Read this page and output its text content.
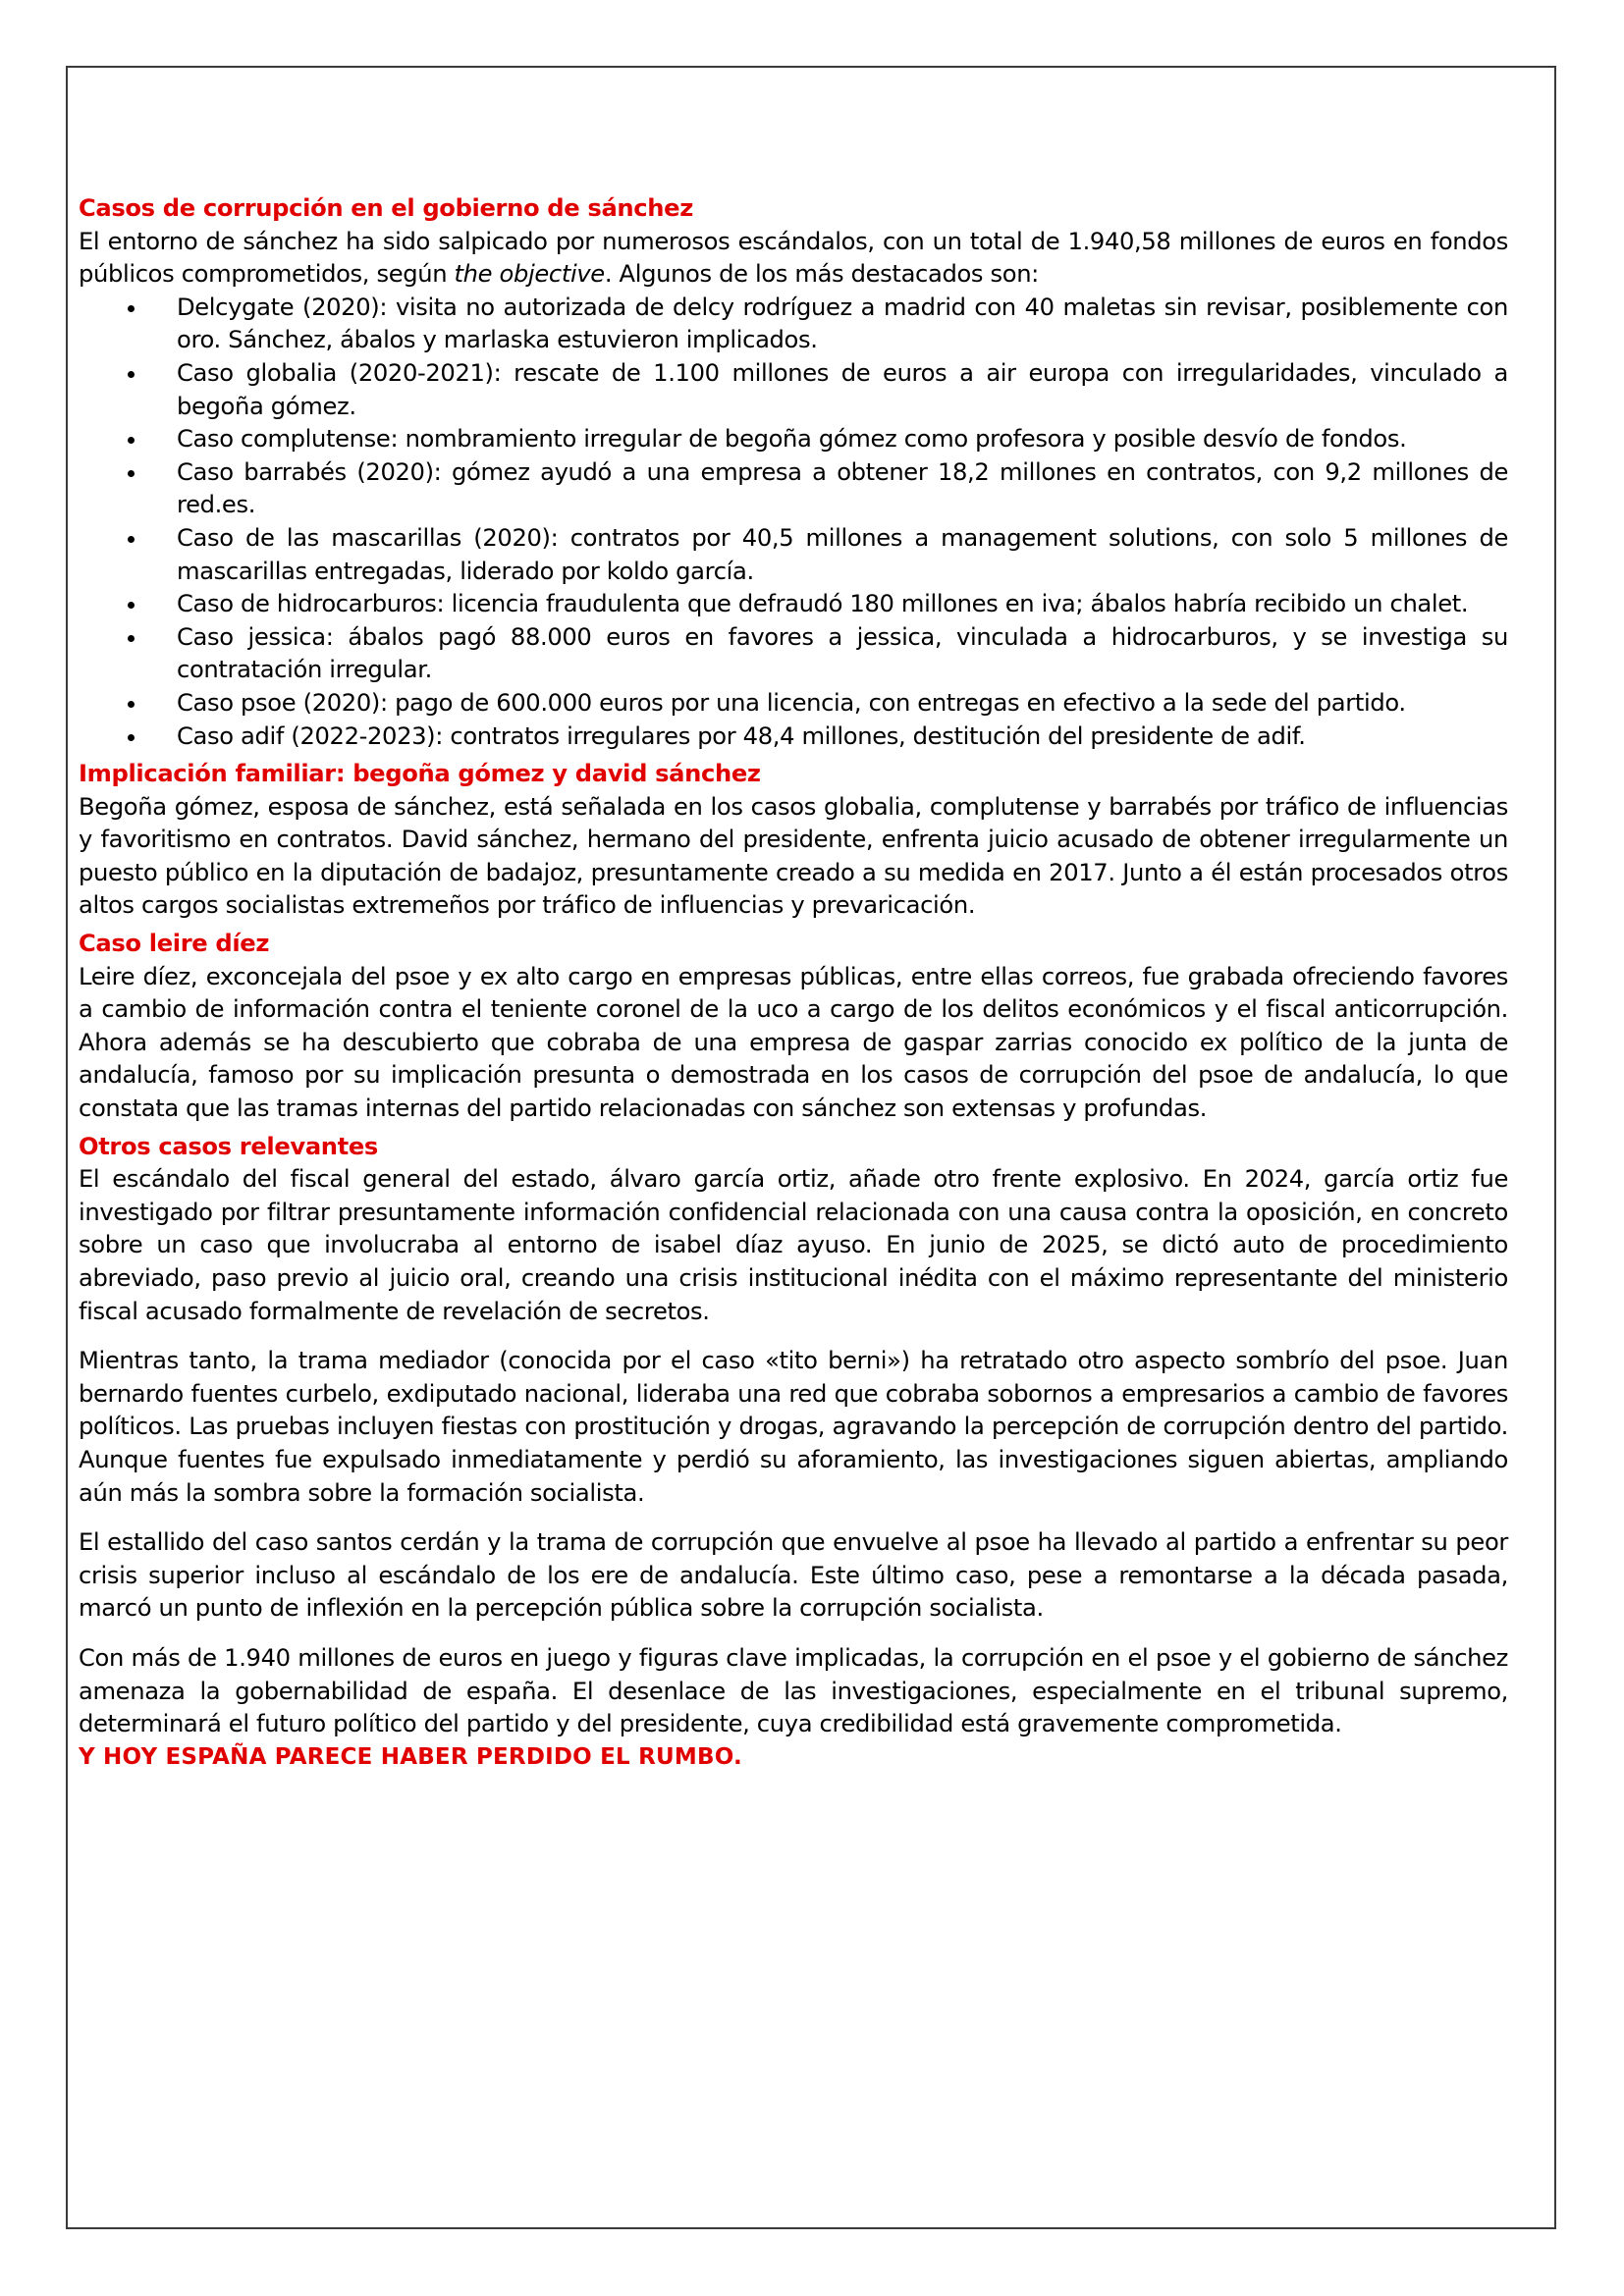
Casos de corrupción en el gobierno de sánchez

El entorno de sánchez ha sido salpicado por numerosos escándalos, con un total de 1.940,58 millones de euros en fondos públicos comprometidos, según the objective. Algunos de los más destacados son:

Delcygate (2020): visita no autorizada de delcy rodríguez a madrid con 40 maletas sin revisar, posiblemente con oro. Sánchez, ábalos y marlaska estuvieron implicados.
Caso globalia (2020-2021): rescate de 1.100 millones de euros a air europa con irregularidades, vinculado a begoña gómez.
Caso complutense: nombramiento irregular de begoña gómez como profesora y posible desvío de fondos.
Caso barrabés (2020): gómez ayudó a una empresa a obtener 18,2 millones en contratos, con 9,2 millones de red.es.
Caso de las mascarillas (2020): contratos por 40,5 millones a management solutions, con solo 5 millones de mascarillas entregadas, liderado por koldo garcía.
Caso de hidrocarburos: licencia fraudulenta que defraudó 180 millones en iva; ábalos habría recibido un chalet.
Caso jessica: ábalos pagó 88.000 euros en favores a jessica, vinculada a hidrocarburos, y se investiga su contratación irregular.
Caso psoe (2020): pago de 600.000 euros por una licencia, con entregas en efectivo a la sede del partido.
Caso adif (2022-2023): contratos irregulares por 48,4 millones, destitución del presidente de adif.
Implicación familiar: begoña gómez y david sánchez

Begoña gómez, esposa de sánchez, está señalada en los casos globalia, complutense y barrabés por tráfico de influencias y favoritismo en contratos. David sánchez, hermano del presidente, enfrenta juicio acusado de obtener irregularmente un puesto público en la diputación de badajoz, presuntamente creado a su medida en 2017. Junto a él están procesados otros altos cargos socialistas extremeños por tráfico de influencias y prevaricación.

Caso leire díez

Leire díez, exconcejala del psoe y ex alto cargo en empresas públicas, entre ellas correos, fue grabada ofreciendo favores a cambio de información contra el teniente coronel de la uco a cargo de los delitos económicos y el fiscal anticorrupción. Ahora además se ha descubierto que cobraba de una empresa de gaspar zarrias conocido ex político de la junta de andalucía, famoso por su implicación presunta o demostrada en los casos de corrupción del psoe de andalucía, lo que constata que las tramas internas del partido relacionadas con sánchez son extensas y profundas.

Otros casos relevantes

El escándalo del fiscal general del estado, álvaro garcía ortiz, añade otro frente explosivo. En 2024, garcía ortiz fue investigado por filtrar presuntamente información confidencial relacionada con una causa contra la oposición, en concreto sobre un caso que involucraba al entorno de isabel díaz ayuso. En junio de 2025, se dictó auto de procedimiento abreviado, paso previo al juicio oral, creando una crisis institucional inédita con el máximo representante del ministerio fiscal acusado formalmente de revelación de secretos.

Mientras tanto, la trama mediador (conocida por el caso «tito berni») ha retratado otro aspecto sombrío del psoe. Juan bernardo fuentes curbelo, exdiputado nacional, lideraba una red que cobraba sobornos a empresarios a cambio de favores políticos. Las pruebas incluyen fiestas con prostitución y drogas, agravando la percepción de corrupción dentro del partido. Aunque fuentes fue expulsado inmediatamente y perdió su aforamiento, las investigaciones siguen abiertas, ampliando aún más la sombra sobre la formación socialista.

El estallido del caso santos cerdán y la trama de corrupción que envuelve al psoe ha llevado al partido a enfrentar su peor crisis superior incluso al escándalo de los ere de andalucía. Este último caso, pese a remontarse a la década pasada, marcó un punto de inflexión en la percepción pública sobre la corrupción socialista.

Con más de 1.940 millones de euros en juego y figuras clave implicadas, la corrupción en el psoe y el gobierno de sánchez amenaza la gobernabilidad de españa. El desenlace de las investigaciones, especialmente en el tribunal supremo, determinará el futuro político del partido y del presidente, cuya credibilidad está gravemente comprometida.

Y HOY ESPAÑA PARECE HABER PERDIDO EL RUMBO.
